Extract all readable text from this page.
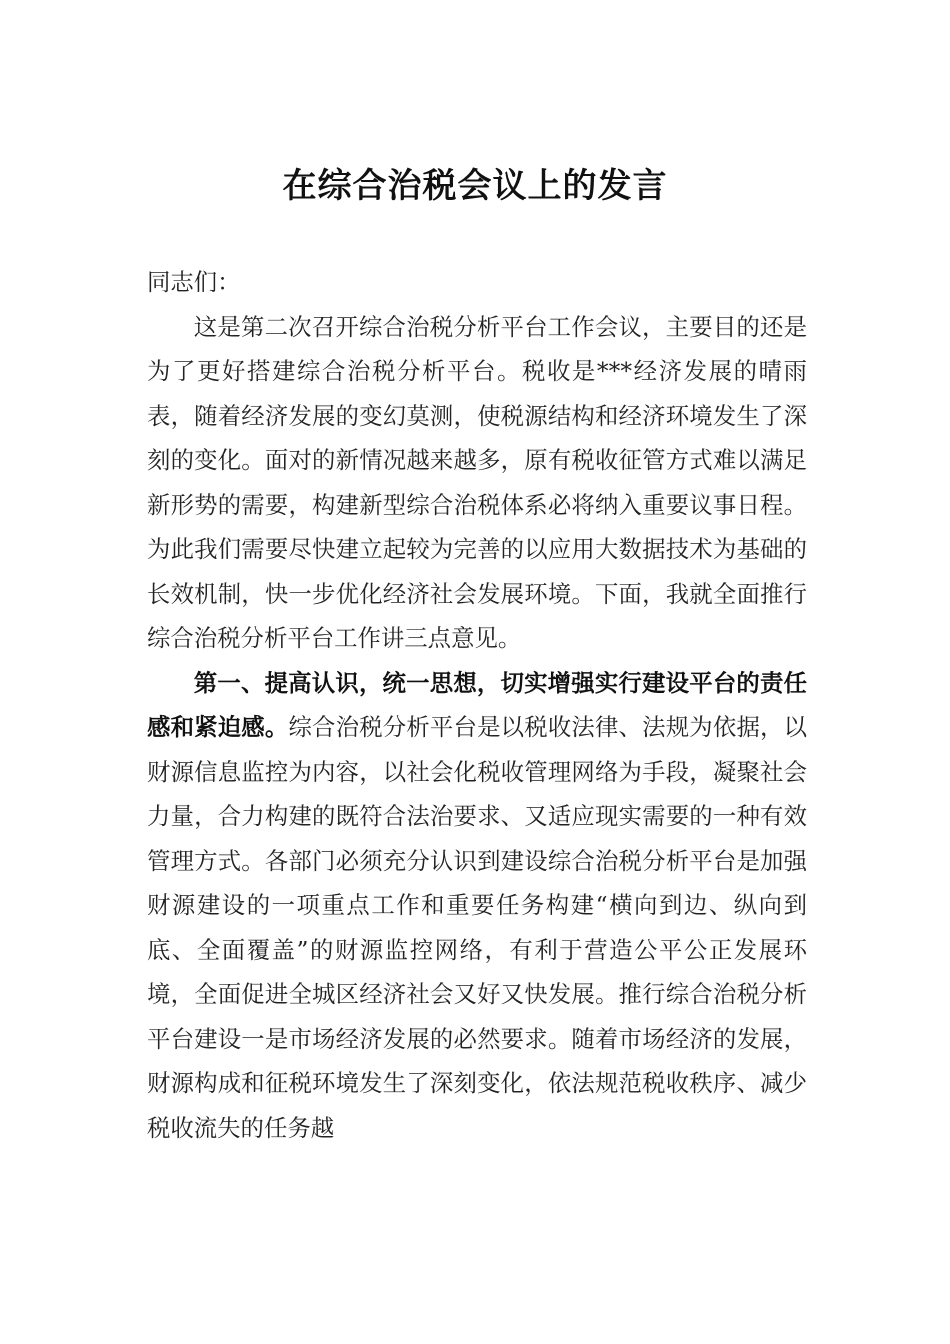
在综合治税会议上的发言

同志们：

这是第二次召开综合治税分析平台工作会议，主要目的还是为了更好搭建综合治税分析平台。税收是***经济发展的晴雨表，随着经济发展的变幻莫测，使税源结构和经济环境发生了深刻的变化。面对的新情况越来越多，原有税收征管方式难以满足新形势的需要，构建新型综合治税体系必将纳入重要议事日程。 为此我们需要尽快建立起较为完善的以应用大数据技术为基础的长效机制，快一步优化经济社会发展环境。下面，我就全面推行综合治税分析平台工作讲三点意见。

第一、提高认识，统一思想，切实增强实行建设平台的责任感和紧迫感。综合治税分析平台是以税收法律、法规为依据，以财源信息监控为内容，以社会化税收管理网络为手段，凝聚社会力量，合力构建的既符合法治要求、又适应现实需要的一种有效管理方式。各部门必须充分认识到建设综合治税分析平台是加强财源建设的一项重点工作和重要任务构建“横向到边、纵向到底、全面覆盖”的财源监控网络，有利于营造公平公正发展环境，全面促进全城区经济社会又好又快发展。推行综合治税分析平台建设一是市场经济发展的必然要求。随着市场经济的发展，财源构成和征税环境发生了深刻变化，依法规范税收秩序、减少税收流失的任务越
